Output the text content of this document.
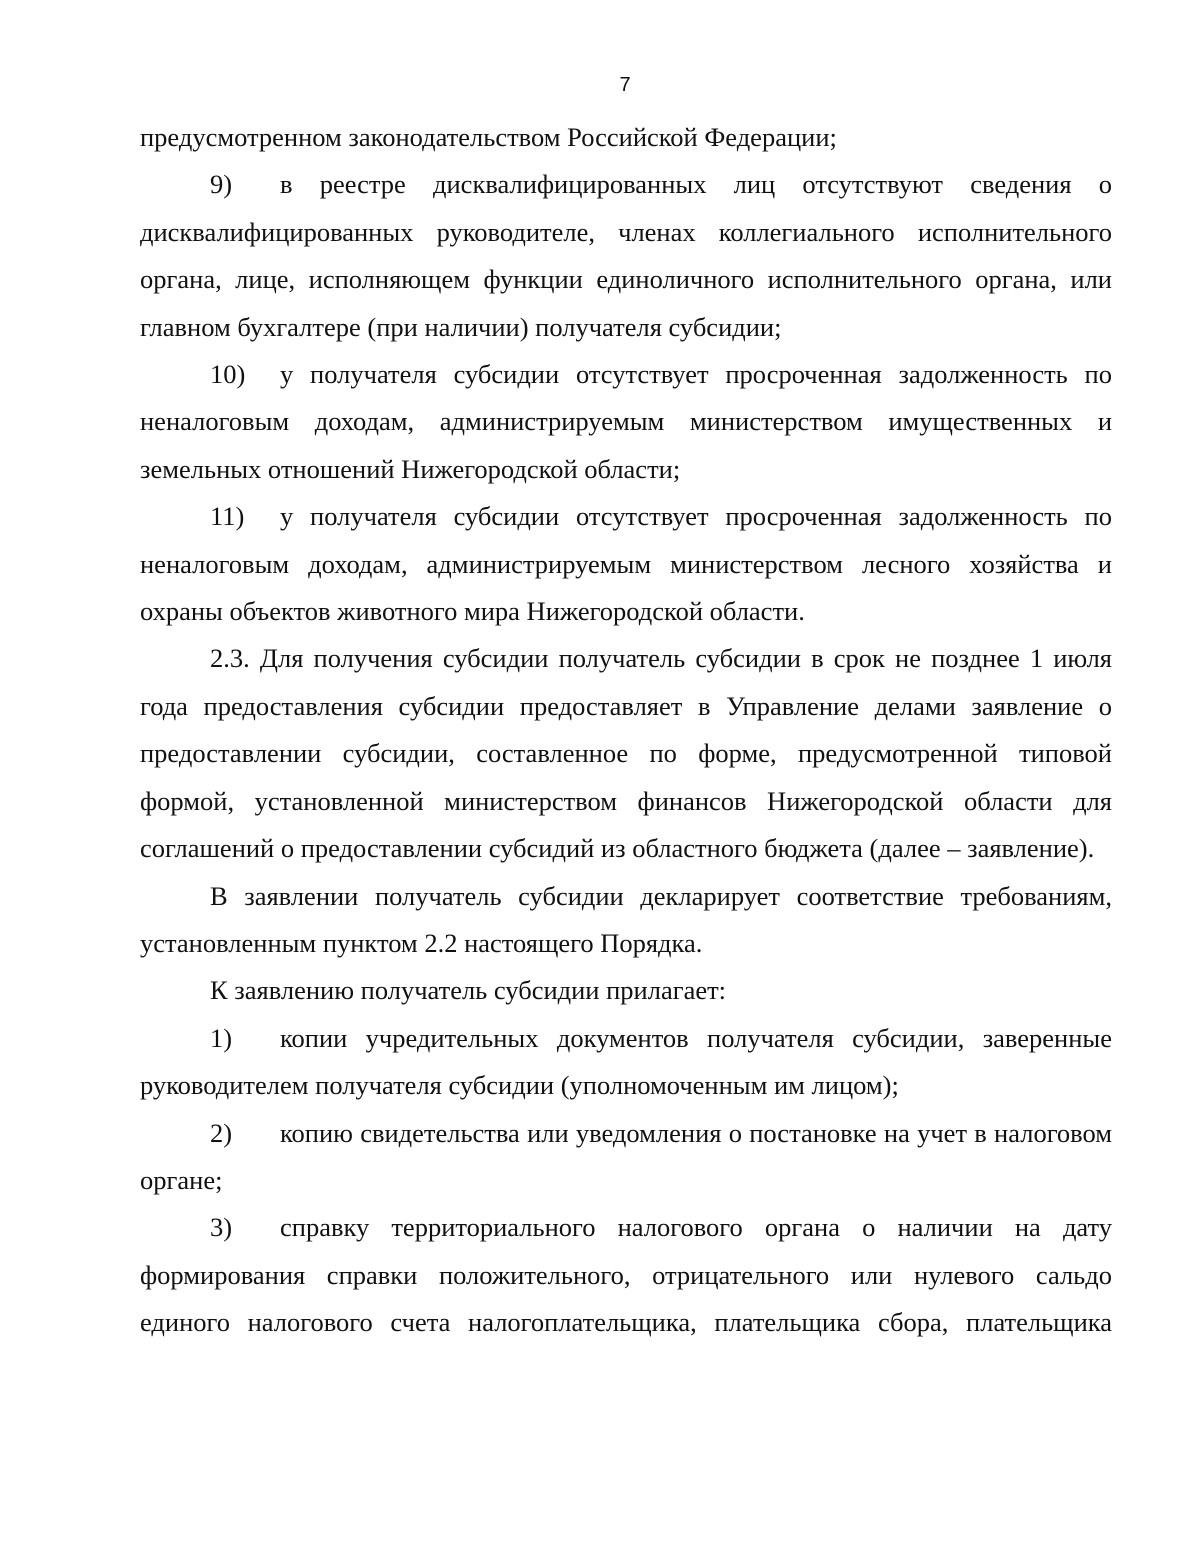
7

предусмотренном законодательством Российской Федерации;

9) в реестре дисквалифицированных лиц отсутствуют сведения о дисквалифицированных руководителе, членах коллегиального исполнительного органа, лице, исполняющем функции единоличного исполнительного органа, или главном бухгалтере (при наличии) получателя субсидии;

10) у получателя субсидии отсутствует просроченная задолженность по неналоговым доходам, администрируемым министерством имущественных и земельных отношений Нижегородской области;

11) у получателя субсидии отсутствует просроченная задолженность по неналоговым доходам, администрируемым министерством лесного хозяйства и охраны объектов животного мира Нижегородской области.

2.3. Для получения субсидии получатель субсидии в срок не позднее 1 июля года предоставления субсидии предоставляет в Управление делами заявление о предоставлении субсидии, составленное по форме, предусмотренной типовой формой, установленной министерством финансов Нижегородской области для соглашений о предоставлении субсидий из областного бюджета (далее – заявление).

В заявлении получатель субсидии декларирует соответствие требованиям, установленным пунктом 2.2 настоящего Порядка.

К заявлению получатель субсидии прилагает:

1) копии учредительных документов получателя субсидии, заверенные руководителем получателя субсидии (уполномоченным им лицом);

2) копию свидетельства или уведомления о постановке на учет в налоговом органе;

3) справку территориального налогового органа о наличии на дату формирования справки положительного, отрицательного или нулевого сальдо единого налогового счета налогоплательщика, плательщика сбора, плательщика
